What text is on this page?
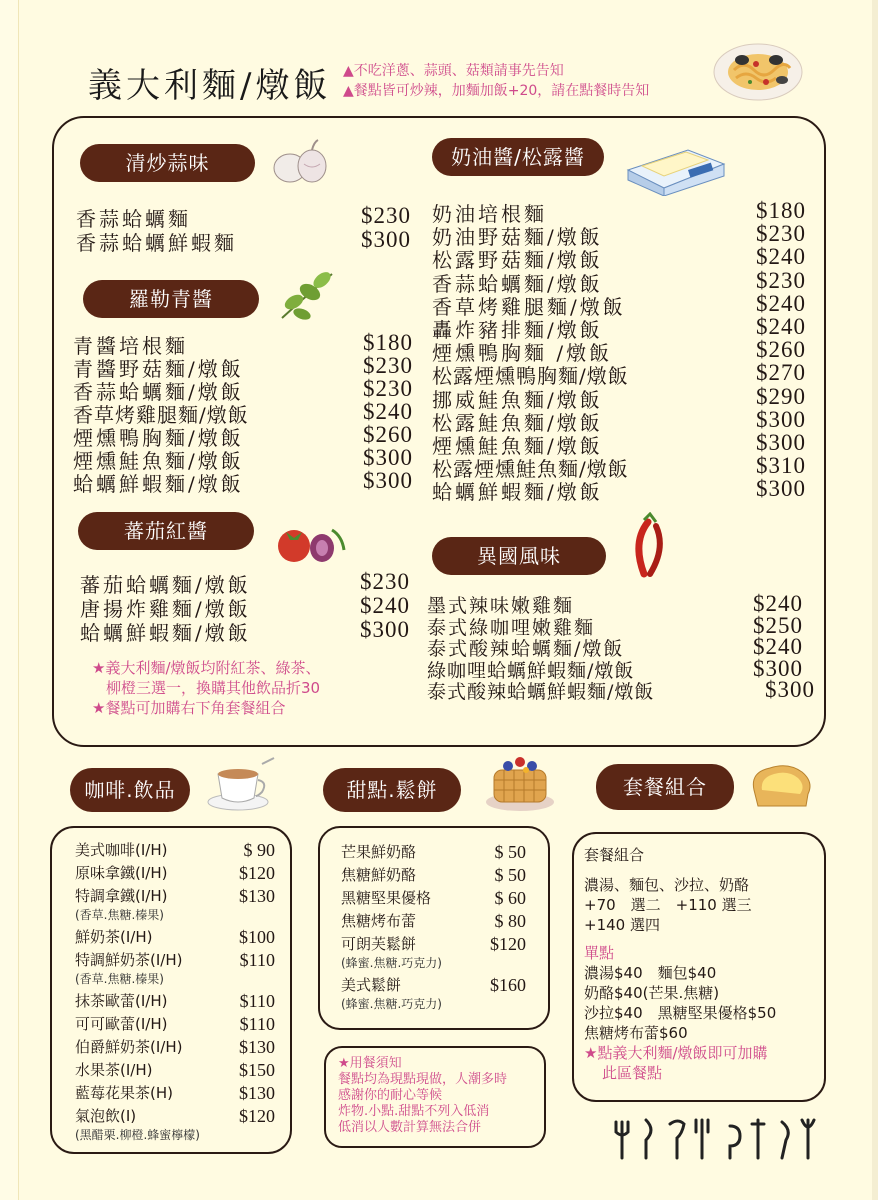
義大利麵/燉飯 ▲不吃洋蔥、蒜頭、菇類請事先告知
▲餐點皆可炒辣，加麵加飯+20，請在點餐時告知
清炒蒜味
香蒜蛤蠣麵	$230
香蒜蛤蠣鮮蝦麵	$300
羅勒青醬
青醬培根麵	$180
青醬野菇麵/燉飯	$230
香蒜蛤蠣麵/燉飯	$230
香草烤雞腿麵/燉飯	$240
煙燻鴨胸麵/燉飯	$260
煙燻鮭魚麵/燉飯	$300
蛤蠣鮮蝦麵/燉飯	$300
蕃茄紅醬
蕃茄蛤蠣麵/燉飯	$230
唐揚炸雞麵/燉飯	$240
蛤蠣鮮蝦麵/燉飯	$300
★義大利麵/燉飯均附紅茶、綠茶、
柳橙三選一，換購其他飲品折30
★餐點可加購右下角套餐組合
奶油醬/松露醬
奶油培根麵	$180
奶油野菇麵/燉飯	$230
松露野菇麵/燉飯	$240
香蒜蛤蠣麵/燉飯	$230
香草烤雞腿麵/燉飯	$240
轟炸豬排麵/燉飯	$240
煙燻鴨胸麵 /燉飯	$260
松露煙燻鴨胸麵/燉飯	$270
挪威鮭魚麵/燉飯	$290
松露鮭魚麵/燉飯	$300
煙燻鮭魚麵/燉飯	$300
松露煙燻鮭魚麵/燉飯	$310
蛤蠣鮮蝦麵/燉飯	$300
異國風味
墨式辣味嫩雞麵	$240
泰式綠咖哩嫩雞麵	$250
泰式酸辣蛤蠣麵/燉飯	$240
綠咖哩蛤蠣鮮蝦麵/燉飯	$300
泰式酸辣蛤蠣鮮蝦麵/燉飯	$300
咖啡.飲品
美式咖啡(I/H)	$ 90
原味拿鐵(I/H)	$120
特調拿鐵(I/H)	$130
(香草.焦糖.榛果)
鮮奶茶(I/H)	$100
特調鮮奶茶(I/H)	$110
(香草.焦糖.榛果)
抹茶歐蕾(I/H)	$110
可可歐蕾(I/H)	$110
伯爵鮮奶茶(I/H)	$130
水果茶(I/H)	$150
藍莓花果茶(H)	$130
氣泡飲(I)	$120
(黑醋栗.柳橙.蜂蜜檸檬)
甜點.鬆餅
芒果鮮奶酪	$ 50
焦糖鮮奶酪	$ 50
黑糖堅果優格	$ 60
焦糖烤布蕾	$ 80
可朗芙鬆餅	$120
(蜂蜜.焦糖.巧克力)
美式鬆餅	$160
(蜂蜜.焦糖.巧克力)
★用餐須知
餐點均為現點現做，人潮多時
感謝你的耐心等候
炸物.小點.甜點不列入低消
低消以人數計算無法合併
套餐組合
套餐組合
濃湯、麵包、沙拉、奶酪
+70　選二　+110 選三
+140 選四
單點
濃湯$40　麵包$40
奶酪$40(芒果.焦糖)
沙拉$40　黑糖堅果優格$50
焦糖烤布蕾$60
★點義大利麵/燉飯即可加購
此區餐點
